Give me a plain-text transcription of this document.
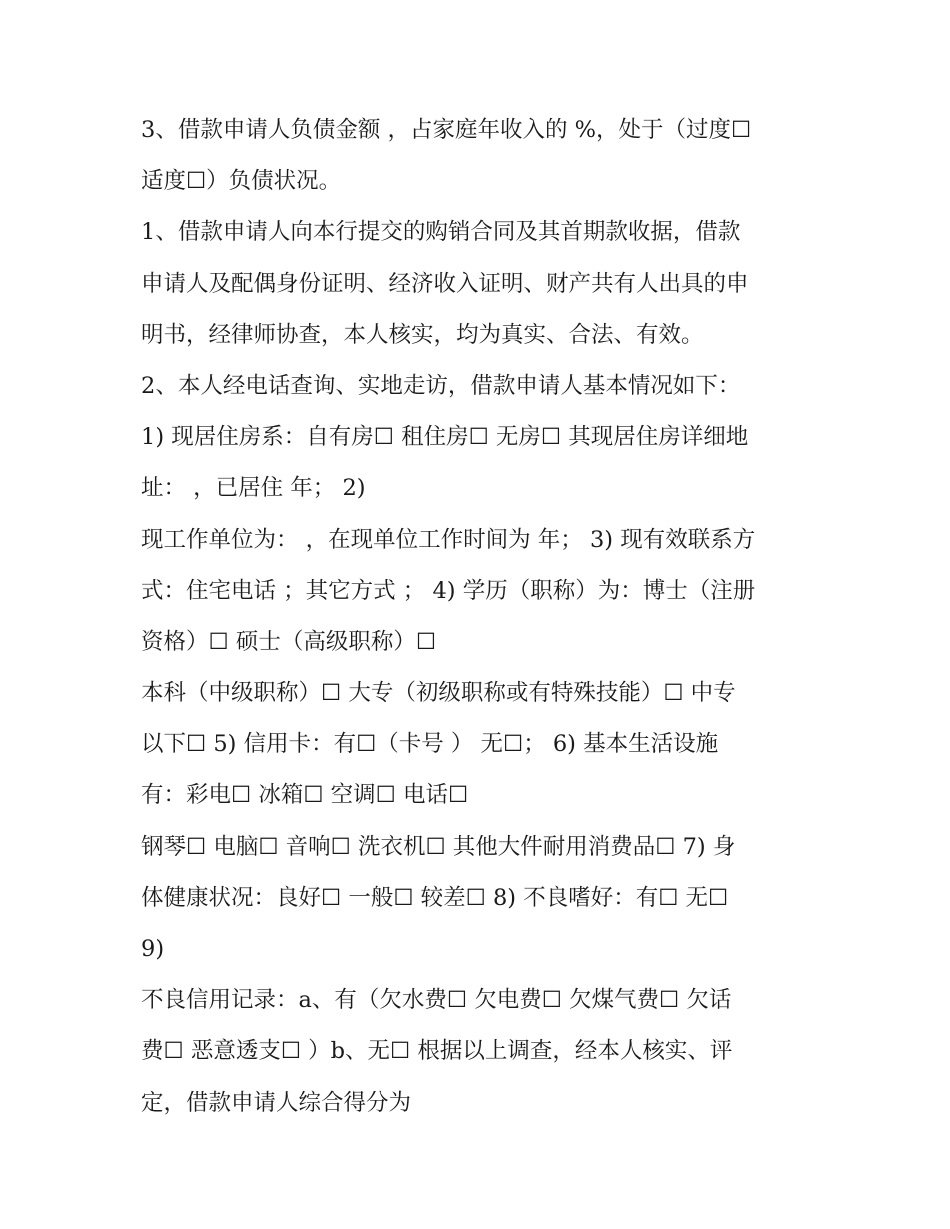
3、借款申请人负债金额 ，占家庭年收入的 %，处于（过度☐
适度☐）负债状况。
1、借款申请人向本行提交的购销合同及其首期款收据，借款
申请人及配偶身份证明、经济收入证明、财产共有人出具的申
明书，经律师协查，本人核实，均为真实、合法、有效。
2、本人经电话查询、实地走访，借款申请人基本情况如下：
1) 现居住房系：自有房☐ 租住房☐ 无房☐ 其现居住房详细地
址： ，已居住 年； 2)
现工作单位为： ，在现单位工作时间为 年； 3) 现有效联系方
式：住宅电话 ；其它方式 ； 4) 学历（职称）为：博士（注册
资格）☐ 硕士（高级职称）☐
本科（中级职称）☐ 大专（初级职称或有特殊技能）☐ 中专
以下☐ 5) 信用卡：有☐（卡号 ） 无☐； 6) 基本生活设施
有：彩电☐ 冰箱☐ 空调☐ 电话☐
钢琴☐ 电脑☐ 音响☐ 洗衣机☐ 其他大件耐用消费品☐ 7) 身
体健康状况：良好☐ 一般☐ 较差☐ 8) 不良嗜好：有☐ 无☐
9)
不良信用记录：a、有（欠水费☐ 欠电费☐ 欠煤气费☐ 欠话
费☐ 恶意透支☐ ）b、无☐ 根据以上调查，经本人核实、评
定，借款申请人综合得分为
